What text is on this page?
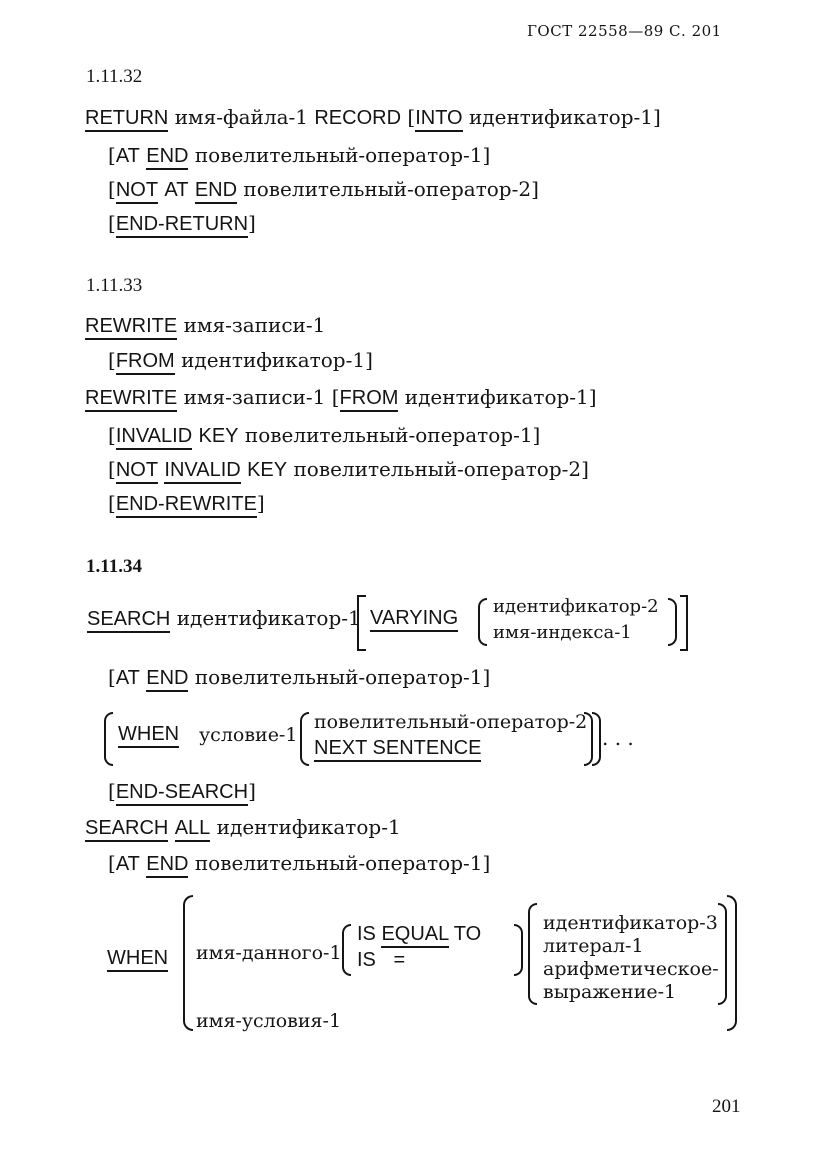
ГОСТ 22558—89 С. 201
1.11.32
RETURN имя-файла-1 RECORD [INTO идентификатор-1]
[AT END повелительный-оператор-1]
[NOT AT END повелительный-оператор-2]
[END-RETURN]
1.11.33
REWRITE имя-записи-1
[FROM идентификатор-1]
REWRITE имя-записи-1 [FROM идентификатор-1]
[INVALID KEY повелительный-оператор-1]
[NOT INVALID KEY повелительный-оператор-2]
[END-REWRITE]
1.11.34
SEARCH идентификатор-1 VARYING
идентификатор-2
имя-индекса-1
[AT END повелительный-оператор-1]
WHEN условие-1
повелительный-оператор-2
NEXT SENTENCE	. . .
[END-SEARCH]
SEARCH ALL идентификатор-1
[AT END повелительный-оператор-1]
WHEN имя-данного-1
IS EQUAL TO
IS =
идентификатор-3
литерал-1
арифметическое-
выражение-1
имя-условия-1
201
